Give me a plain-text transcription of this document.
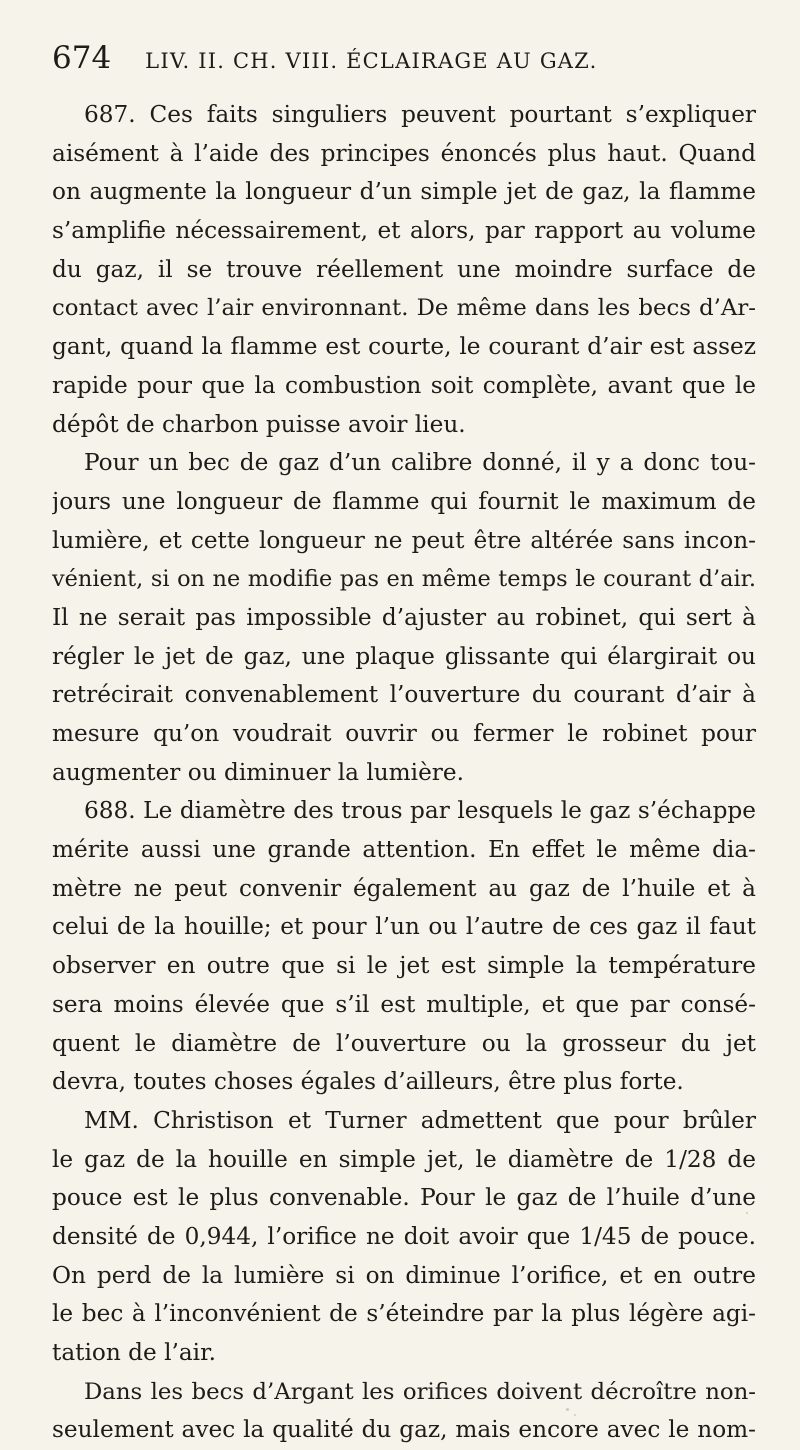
674 LIV. II. CH. VIII. ÉCLAIRAGE AU GAZ.
687. Ces faits singuliers peuvent pourtant s’expliquer
aisément à l’aide des principes énoncés plus haut. Quand
on augmente la longueur d’un simple jet de gaz, la flamme
s’amplifie nécessairement, et alors, par rapport au volume
du gaz, il se trouve réellement une moindre surface de
contact avec l’air environnant. De même dans les becs d’Ar-
gant, quand la flamme est courte, le courant d’air est assez
rapide pour que la combustion soit complète, avant que le
dépôt de charbon puisse avoir lieu.
Pour un bec de gaz d’un calibre donné, il y a donc tou-
jours une longueur de flamme qui fournit le maximum de
lumière, et cette longueur ne peut être altérée sans incon-
vénient, si on ne modifie pas en même temps le courant d’air.
Il ne serait pas impossible d’ajuster au robinet, qui sert à
régler le jet de gaz, une plaque glissante qui élargirait ou
retrécirait convenablement l’ouverture du courant d’air à
mesure qu’on voudrait ouvrir ou fermer le robinet pour
augmenter ou diminuer la lumière.
688. Le diamètre des trous par lesquels le gaz s’échappe
mérite aussi une grande attention. En effet le même dia-
mètre ne peut convenir également au gaz de l’huile et à
celui de la houille; et pour l’un ou l’autre de ces gaz il faut
observer en outre que si le jet est simple la température
sera moins élevée que s’il est multiple, et que par consé-
quent le diamètre de l’ouverture ou la grosseur du jet
devra, toutes choses égales d’ailleurs, être plus forte.
MM. Christison et Turner admettent que pour brûler
le gaz de la houille en simple jet, le diamètre de 1/28 de
pouce est le plus convenable. Pour le gaz de l’huile d’une
densité de 0,944, l’orifice ne doit avoir que 1/45 de pouce.
On perd de la lumière si on diminue l’orifice, et en outre
le bec à l’inconvénient de s’éteindre par la plus légère agi-
tation de l’air.
Dans les becs d’Argant les orifices doivent décroître non-
seulement avec la qualité du gaz, mais encore avec le nom-
